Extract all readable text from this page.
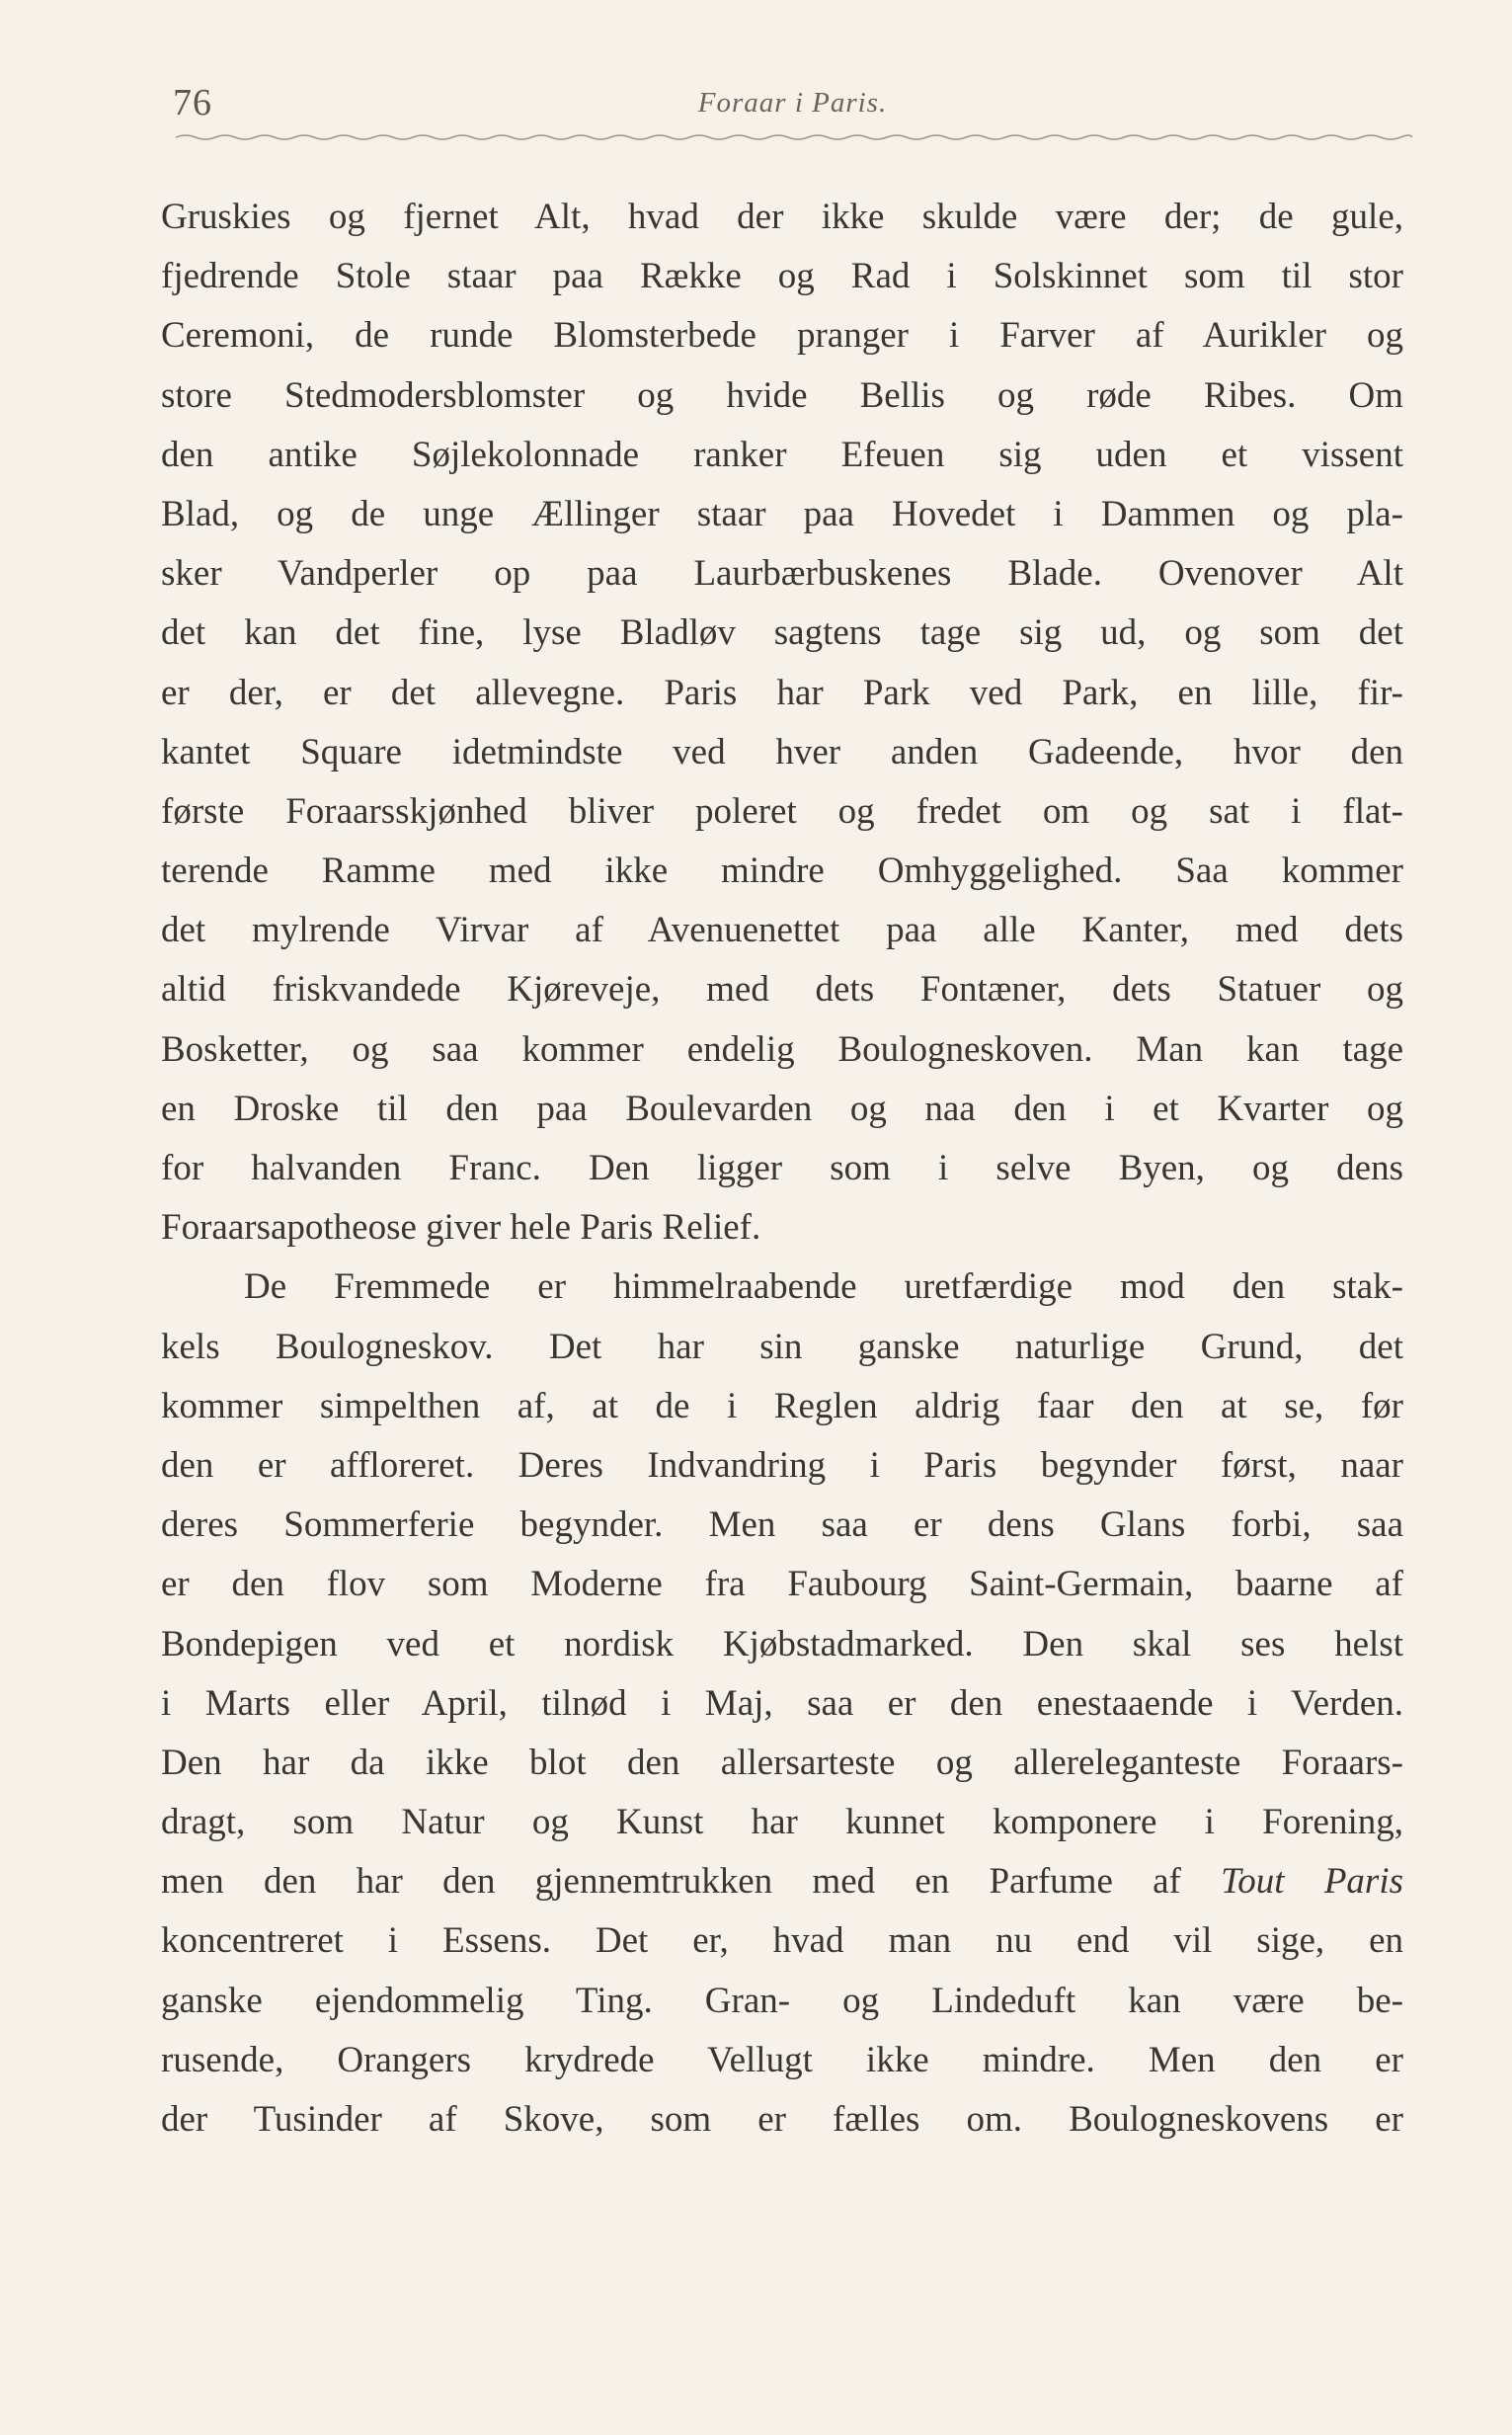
76	Foraar i Paris.
Gruskies og fjernet Alt, hvad der ikke skulde være der; de gule,
fjedrende Stole staar paa Række og Rad i Solskinnet som til stor
Ceremoni, de runde Blomsterbede pranger i Farver af Aurikler og
store Stedmodersblomster og hvide Bellis og røde Ribes. Om
den antike Søjlekolonnade ranker Efeuen sig uden et vissent
Blad, og de unge Ællinger staar paa Hovedet i Dammen og pla-
sker Vandperler op paa Laurbærbuskenes Blade. Ovenover Alt
det kan det fine, lyse Bladløv sagtens tage sig ud, og som det
er der, er det allevegne. Paris har Park ved Park, en lille, fir-
kantet Square idetmindste ved hver anden Gadeende, hvor den
første Foraarsskjønhed bliver poleret og fredet om og sat i flat-
terende Ramme med ikke mindre Omhyggelighed. Saa kommer
det mylrende Virvar af Avenuenettet paa alle Kanter, med dets
altid friskvandede Kjøreveje, med dets Fontæner, dets Statuer og
Bosketter, og saa kommer endelig Boulogneskoven. Man kan tage
en Droske til den paa Boulevarden og naa den i et Kvarter og
for halvanden Franc. Den ligger som i selve Byen, og dens
Foraarsapotheose giver hele Paris Relief.
De Fremmede er himmelraabende uretfærdige mod den stak-
kels Boulogneskov. Det har sin ganske naturlige Grund, det
kommer simpelthen af, at de i Reglen aldrig faar den at se, før
den er affloreret. Deres Indvandring i Paris begynder først, naar
deres Sommerferie begynder. Men saa er dens Glans forbi, saa
er den flov som Moderne fra Faubourg Saint-Germain, baarne af
Bondepigen ved et nordisk Kjøbstadmarked. Den skal ses helst
i Marts eller April, tilnød i Maj, saa er den enestaaende i Verden.
Den har da ikke blot den allersarteste og allereleganteste Foraars-
dragt, som Natur og Kunst har kunnet komponere i Forening,
men den har den gjennemtrukken med en Parfume af Tout Paris
koncentreret i Essens. Det er, hvad man nu end vil sige, en
ganske ejendommelig Ting. Gran- og Lindeduft kan være be-
rusende, Orangers krydrede Vellugt ikke mindre. Men den er
der Tusinder af Skove, som er fælles om. Boulogneskovens er
